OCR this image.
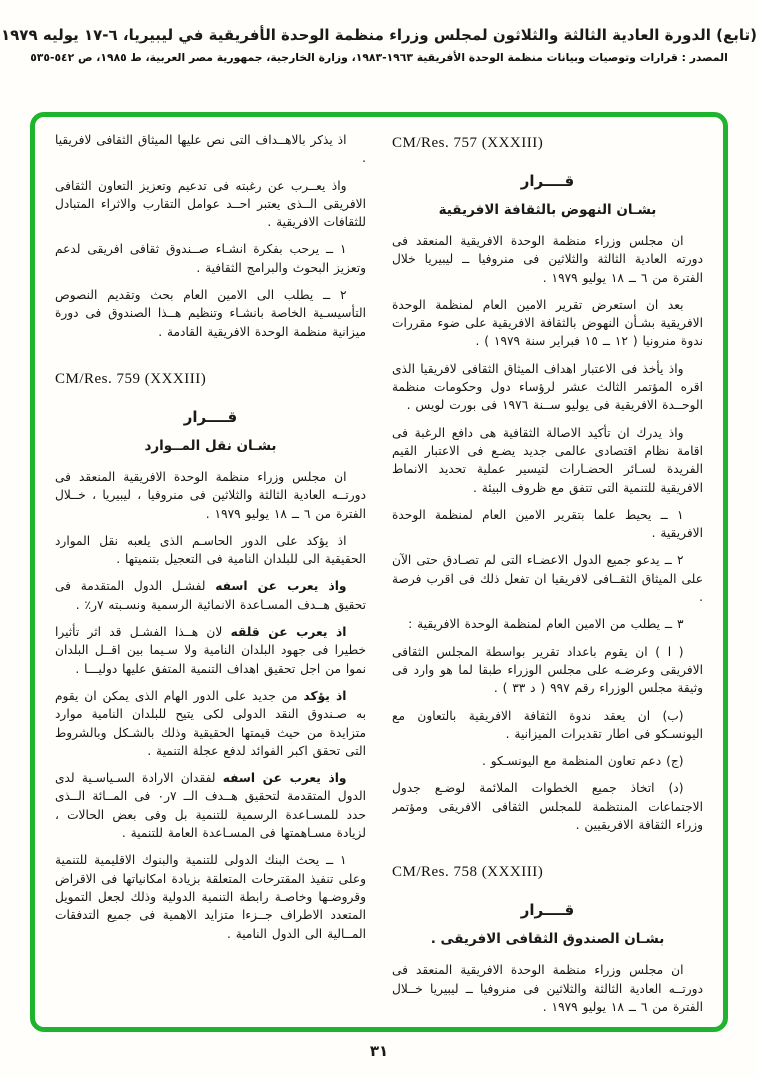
(تابع) الدورة العادية الثالثة والثلاثون لمجلس وزراء منظمة الوحدة الأفريقية في ليبيريا، ٦-١٧ يوليه ١٩٧٩
المصدر : قرارات وتوصيات وبيانات منظمة الوحدة الأفريقية ١٩٦٣-١٩٨٣، وزارة الخارجية، جمهورية مصر العربية، ط ١٩٨٥، ص ٥٤٢-٥٣٥
CM/Res. 757 (XXXIII)
قــــرار
بشـان النهوض بالثقافة الافريقية
ان مجلس وزراء منظمة الوحدة الافريقية المنعقد فى دورته العادية الثالثة والثلاثين فى منروفيا ــ ليبيريا خلال الفترة من ٦ ــ ١٨ يوليو ١٩٧٩ .
بعد ان استعرض تقرير الامين العام لمنظمة الوحدة الافريقية بشـأن النهوض بالثقافة الافريقية على ضوء مقررات ندوة منرونيا ( ١٢ ــ ١٥ فبراير سنة ١٩٧٩ ) .
واذ يأخذ فى الاعتبار اهداف الميثاق الثقافى لافريقيا الذى اقره المؤتمر الثالث عشر لرؤساء دول وحكومات منظمة الوحــدة الافريقية فى يوليو ســنة ١٩٧٦ فى بورت لويس .
واذ يدرك ان تأكيد الاصالة الثقافية هى دافع الرغبة فى اقامة نظام اقتصادى عالمى جديد يضـع فى الاعتبار القيم الفريدة لسـائر الحضـارات لتيسير عملية تحديد الانماط الافريقية للتنمية التى تتفق مع ظروف البيئة .
١ ــ يحيط علما بتقرير الامين العام لمنظمة الوحدة الافريقية .
٢ ــ يدعو جميع الدول الاعضـاء التى لم تصـادق حتى الآن على الميثاق الثقــافى لافريقيا ان تفعل ذلك فى اقرب فرصة .
٣ ــ يطلب من الامين العام لمنظمة الوحدة الافريقية :
( ا ) ان يقوم باعداد تقرير بواسطة المجلس الثقافى الافريقى وعرضـه على مجلس الوزراء طبقا لما هو وارد فى وثيقة مجلس الوزراء رقم ٩٩٧ ( د ٣٣ ) .
(ب) ان يعقد ندوة الثقافة الافريقية بالتعاون مع اليونسـكو فى اطار تقديرات الميزانية .
(ج) دعم تعاون المنظمة مع اليونسـكو .
(د) اتخاذ جميع الخطوات الملائمة لوضـع جدول الاجتماعات المنتظمة للمجلس الثقافى الافريقى ومؤتمر وزراء الثقافة الافريقيين .
CM/Res. 758 (XXXIII)
قــــرار
بشـان الصندوق الثقافى الافريقى .
ان مجلس وزراء منظمة الوحدة الافريقية المنعقد فى دورتــه العادية الثالثة والثلاثين فى منروفيا ــ ليبيريا خــلال الفترة من ٦ ــ ١٨ يوليو ١٩٧٩ .
اذ يذكر بالاهــداف التى نص عليها الميثاق الثقافى لافريقيا .
واذ يعــرب عن رغبته فى تدعيم وتعزيز التعاون الثقافى الافريقى الــذى يعتبر احــد عوامل التقارب والاثراء المتبادل للثقافات الافريقية .
١ ــ يرحب بفكرة انشـاء صــندوق ثقافى افريقى لدعم وتعزيز البحوث والبرامج الثقافية .
٢ ــ يطلب الى الامين العام بحث وتقديم النصوص التأسيسـية الخاصة بانشـاء وتنظيم هــذا الصندوق فى دورة ميزانية منظمة الوحدة الافريقية القادمة .
CM/Res. 759 (XXXIII)
قــــرار
بشـان نقل المــوارد
ان مجلس وزراء منظمة الوحدة الافريقية المنعقد فى دورتــه العادية الثالثة والثلاثين فى منروفيا ، ليبيريا ، خــلال الفترة من ٦ ــ ١٨ يوليو ١٩٧٩ .
اذ يؤكد على الدور الحاسـم الذى يلعبه نقل الموارد الحقيقية الى للبلدان النامية فى التعجيل بتنميتها .
واذ يعرب عن اسفه لفشـل الدول المتقدمة فى تحقيق هــدف المسـاعدة الانمائية الرسمية ونسـبته ٧ر٪ .
اذ يعرب عن قلقه لان هــذا الفشـل قد اثر تأثيرا خطيرا فى جهود البلدان النامية ولا سـيما بين اقــل البلدان نموا من اجل تحقيق اهداف التنمية المتفق عليها دوليـــا .
اذ يؤكد من جديد على الدور الهام الذى يمكن ان يقوم به صـندوق النقد الدولى لكى يتيح للبلدان النامية موارد متزايدة من حيث قيمتها الحقيقية وذلك بالشـكل وبالشروط التى تحقق اكبر الفوائد لدفع عجلة التنمية .
واذ يعرب عن اسفه لفقدان الارادة السـياسـية لدى الدول المتقدمة لتحقيق هــدف الــ ٧ر٠ فى المــائة الــذى حدد للمسـاعدة الرسمية للتنمية بل وفى بعض الحالات ، لزيادة مسـاهمتها فى المسـاعدة العامة للتنمية .
١ ــ يحث البنك الدولى للتنمية والبنوك الاقليمية للتنمية وعلى تنفيذ المقترحات المتعلقة بزيادة امكانياتها فى الاقراض وقروضـها وخاصـة رابطة التنمية الدولية وذلك لجعل التمويل المتعدد الاطراف جــزءا متزايد الاهمية فى جميع التدفقات المــالية الى الدول النامية .
٣١
